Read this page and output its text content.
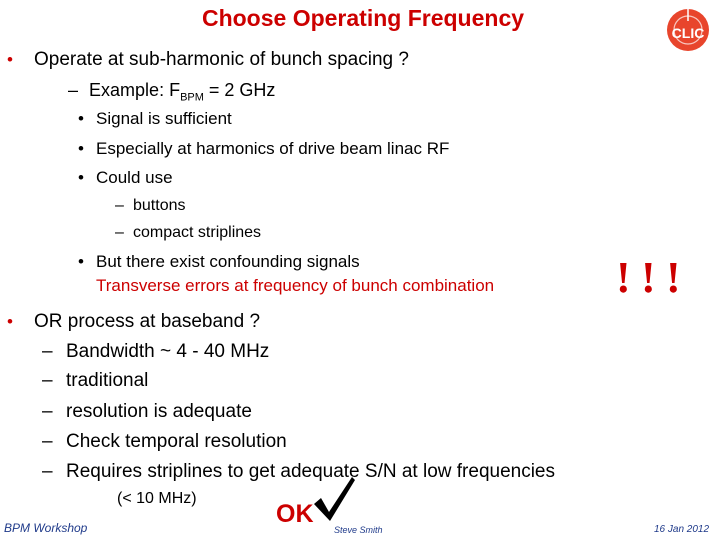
Choose Operating Frequency
CLIC
• Operate at sub-harmonic of bunch spacing ?
– Example: $F_{BPM} = 2$ GHz
• Signal is sufficient
• Especially at harmonics of drive beam linac RF
• Could use
– buttons
– compact striplines
• But there exist confounding signals
Transverse errors at frequency of bunch combination	! ! !
• OR process at baseband ?
– Bandwidth ~ 4 - 40 MHz
– traditional
– resolution is adequate
– Check temporal resolution
– Requires striplines to get adequate S/N at low frequencies
(< 10 MHz)
OK
BPM Workshop	Steve Smith	16 Jan 2012
